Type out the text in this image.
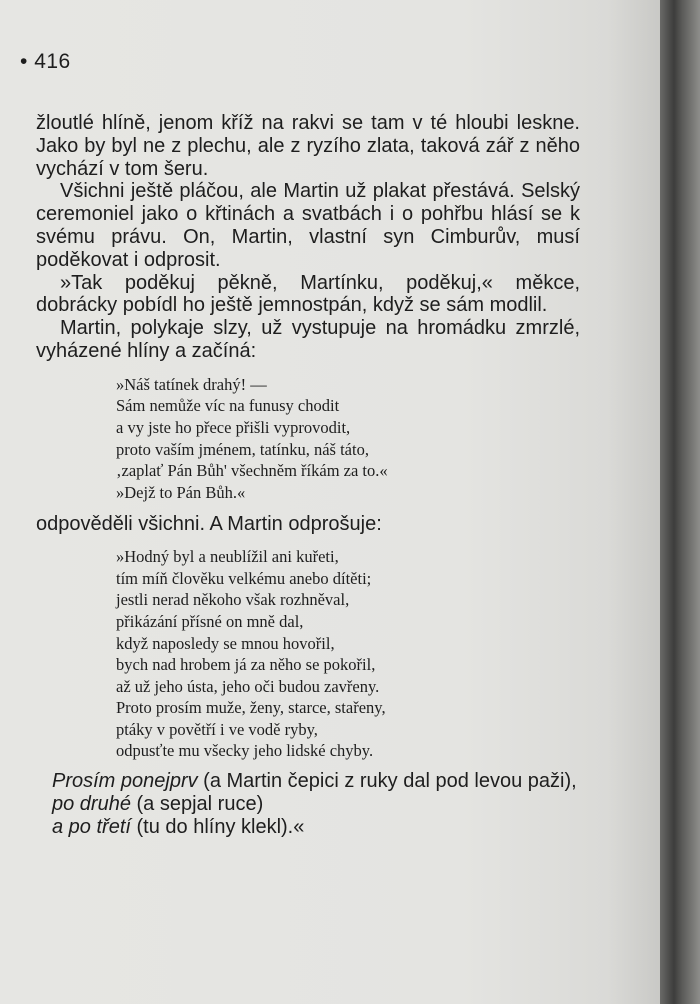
• 416

žloutlé hlíně, jenom kříž na rakvi se tam v té hloubi leskne. Jako by byl ne z plechu, ale z ryzího zlata, taková zář z něho vychází v tom šeru.

Všichni ještě pláčou, ale Martin už plakat přestává. Selský ceremoniel jako o křtinách a svatbách i o pohřbu hlásí se k svému právu. On, Martin, vlastní syn Cimburův, musí poděkovat i odprosit.

»Tak poděkuj pěkně, Martínku, poděkuj,« měkce, dobrácky pobídl ho ještě jemnostpán, když se sám modlil.

Martin, polykaje slzy, už vystupuje na hromádku zmrzlé, vyházené hlíny a začíná:

»Náš tatínek drahý! —
Sám nemůže víc na funusy chodit
a vy jste ho přece přišli vyprovodit,
proto vaším jménem, tatínku, náš táto,
‚zaplať Pán Bůh' všechněm říkám za to.«
»Dejž to Pán Bůh.«

odpověděli všichni. A Martin odprošuje:

»Hodný byl a neublížil ani kuřeti,
tím míň člověku velkému anebo dítěti;
jestli nerad někoho však rozhněval,
přikázání přísné on mně dal,
když naposledy se mnou hovořil,
bych nad hrobem já za něho se pokořil,
až už jeho ústa, jeho oči budou zavřeny.
Proto prosím muže, ženy, starce, stařeny,
ptáky v povětří i ve vodě ryby,
odpusťte mu všecky jeho lidské chyby.

Prosím ponejprv (a Martin čepici z ruky dal pod levou paži),

po druhé (a sepjal ruce)

a po třetí (tu do hlíny klekl).«
